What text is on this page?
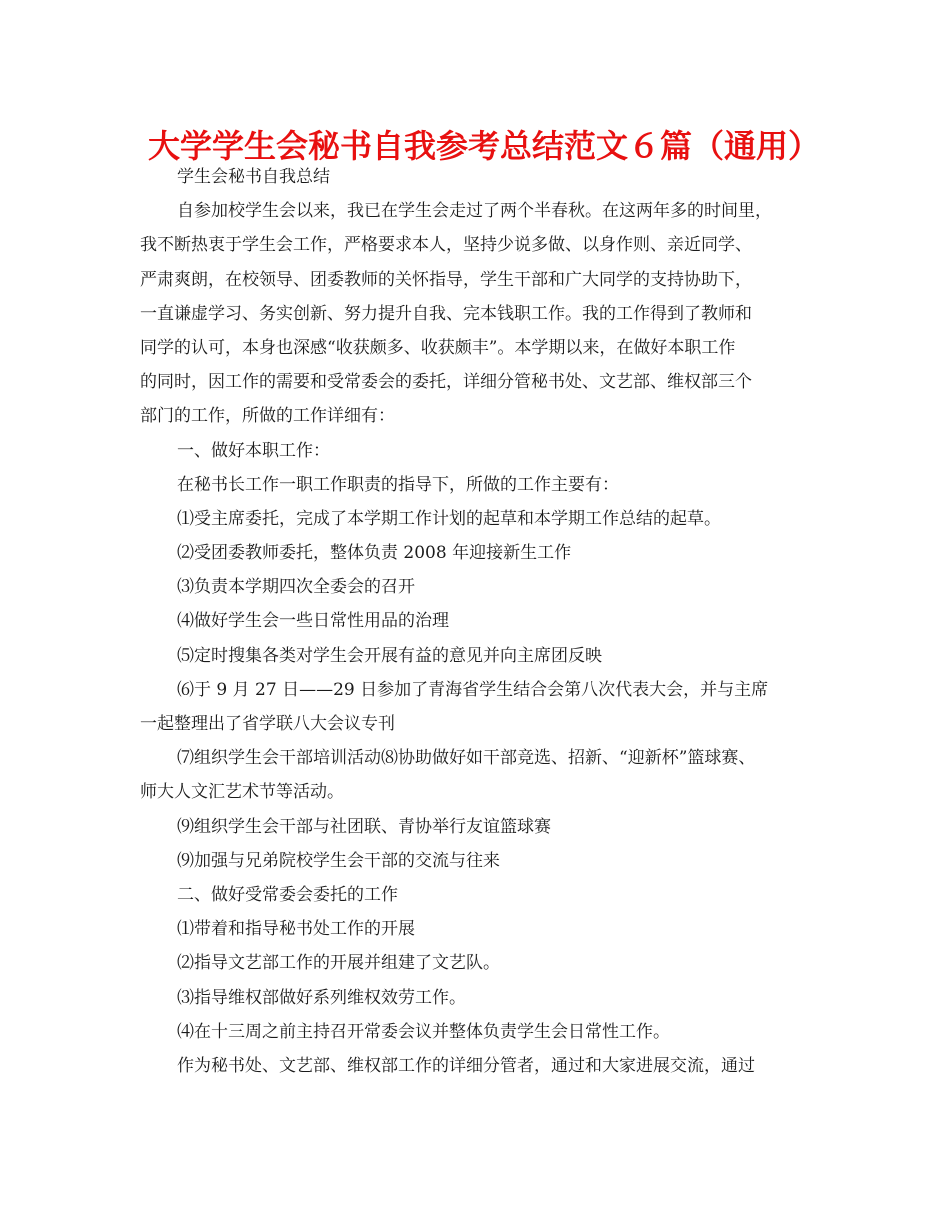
大学学生会秘书自我参考总结范文６篇（通用）
学生会秘书自我总结
自参加校学生会以来，我已在学生会走过了两个半春秋。在这两年多的时间里，
我不断热衷于学生会工作，严格要求本人，坚持少说多做、以身作则、亲近同学、
严肃爽朗，在校领导、团委教师的关怀指导，学生干部和广大同学的支持协助下，
一直谦虚学习、务实创新、努力提升自我、完本钱职工作。我的工作得到了教师和
同学的认可，本身也深感“收获颇多、收获颇丰”。本学期以来，在做好本职工作
的同时，因工作的需要和受常委会的委托，详细分管秘书处、文艺部、维权部三个
部门的工作，所做的工作详细有：
一、做好本职工作：
在秘书长工作一职工作职责的指导下，所做的工作主要有：
⑴受主席委托，完成了本学期工作计划的起草和本学期工作总结的起草。
⑵受团委教师委托，整体负责 2008 年迎接新生工作
⑶负责本学期四次全委会的召开
⑷做好学生会一些日常性用品的治理
⑸定时搜集各类对学生会开展有益的意见并向主席团反映
⑹于 9 月 27 日——29 日参加了青海省学生结合会第八次代表大会，并与主席
一起整理出了省学联八大会议专刊
⑺组织学生会干部培训活动⑻协助做好如干部竞选、招新、“迎新杯”篮球赛、
师大人文汇艺术节等活动。
⑼组织学生会干部与社团联、青协举行友谊篮球赛
⑼加强与兄弟院校学生会干部的交流与往来
二、做好受常委会委托的工作
⑴带着和指导秘书处工作的开展
⑵指导文艺部工作的开展并组建了文艺队。
⑶指导维权部做好系列维权效劳工作。
⑷在十三周之前主持召开常委会议并整体负责学生会日常性工作。
作为秘书处、文艺部、维权部工作的详细分管者，通过和大家进展交流，通过
